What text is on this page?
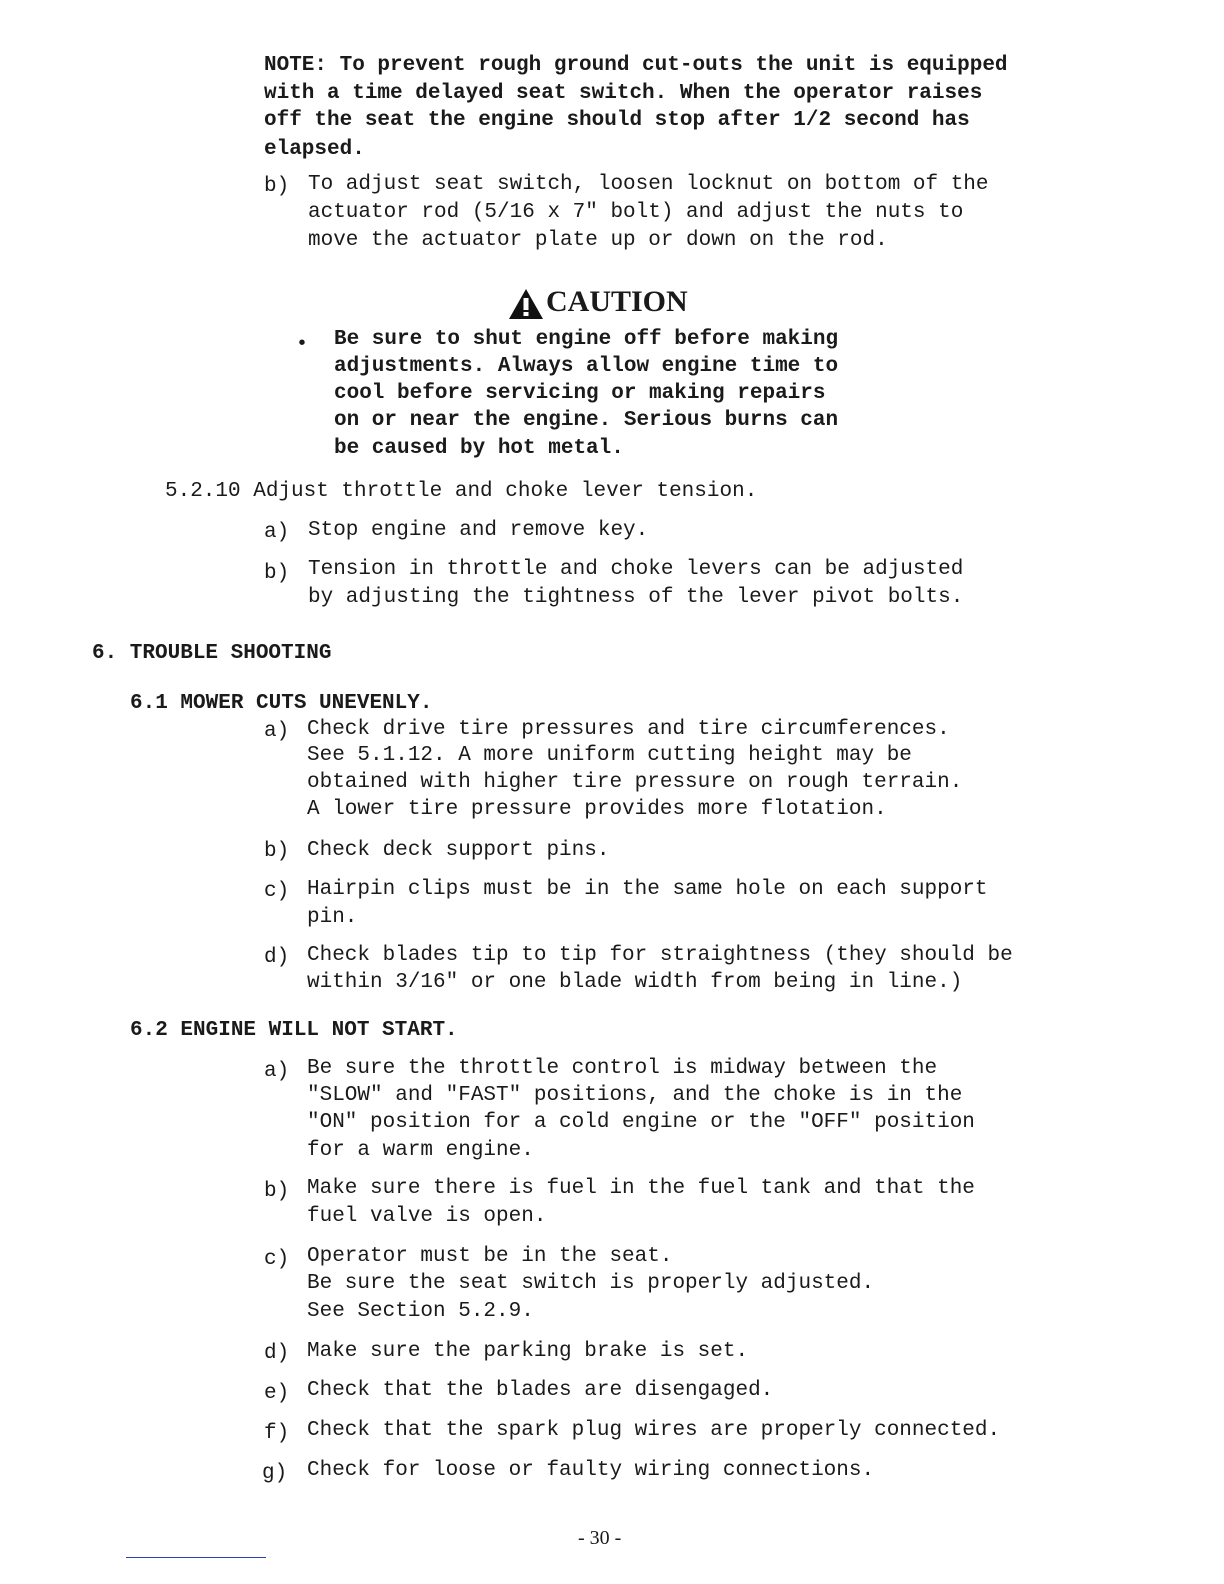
NOTE: To prevent rough ground cut-outs the unit is equipped
with a time delayed seat switch. When the operator raises
off the seat the engine should stop after 1/2 second has
elapsed.
b) To adjust seat switch, loosen locknut on bottom of the
actuator rod (5/16 x 7" bolt) and adjust the nuts to
move the actuator plate up or down on the rod.
CAUTION
• Be sure to shut engine off before making
adjustments. Always allow engine time to
cool before servicing or making repairs
on or near the engine. Serious burns can
be caused by hot metal.
5.2.10 Adjust throttle and choke lever tension.
a) Stop engine and remove key.
b) Tension in throttle and choke levers can be adjusted
by adjusting the tightness of the lever pivot bolts.
6. TROUBLE SHOOTING
6.1 MOWER CUTS UNEVENLY.
a) Check drive tire pressures and tire circumferences.
See 5.1.12. A more uniform cutting height may be
obtained with higher tire pressure on rough terrain.
A lower tire pressure provides more flotation.
b) Check deck support pins.
c) Hairpin clips must be in the same hole on each support
pin.
d) Check blades tip to tip for straightness (they should be
within 3/16" or one blade width from being in line.)
6.2 ENGINE WILL NOT START.
a) Be sure the throttle control is midway between the
"SLOW" and "FAST" positions, and the choke is in the
"ON" position for a cold engine or the "OFF" position
for a warm engine.
b) Make sure there is fuel in the fuel tank and that the
fuel valve is open.
c) Operator must be in the seat.
Be sure the seat switch is properly adjusted.
See Section 5.2.9.
d) Make sure the parking brake is set.
e) Check that the blades are disengaged.
f) Check that the spark plug wires are properly connected.
g) Check for loose or faulty wiring connections.
- 30 -
